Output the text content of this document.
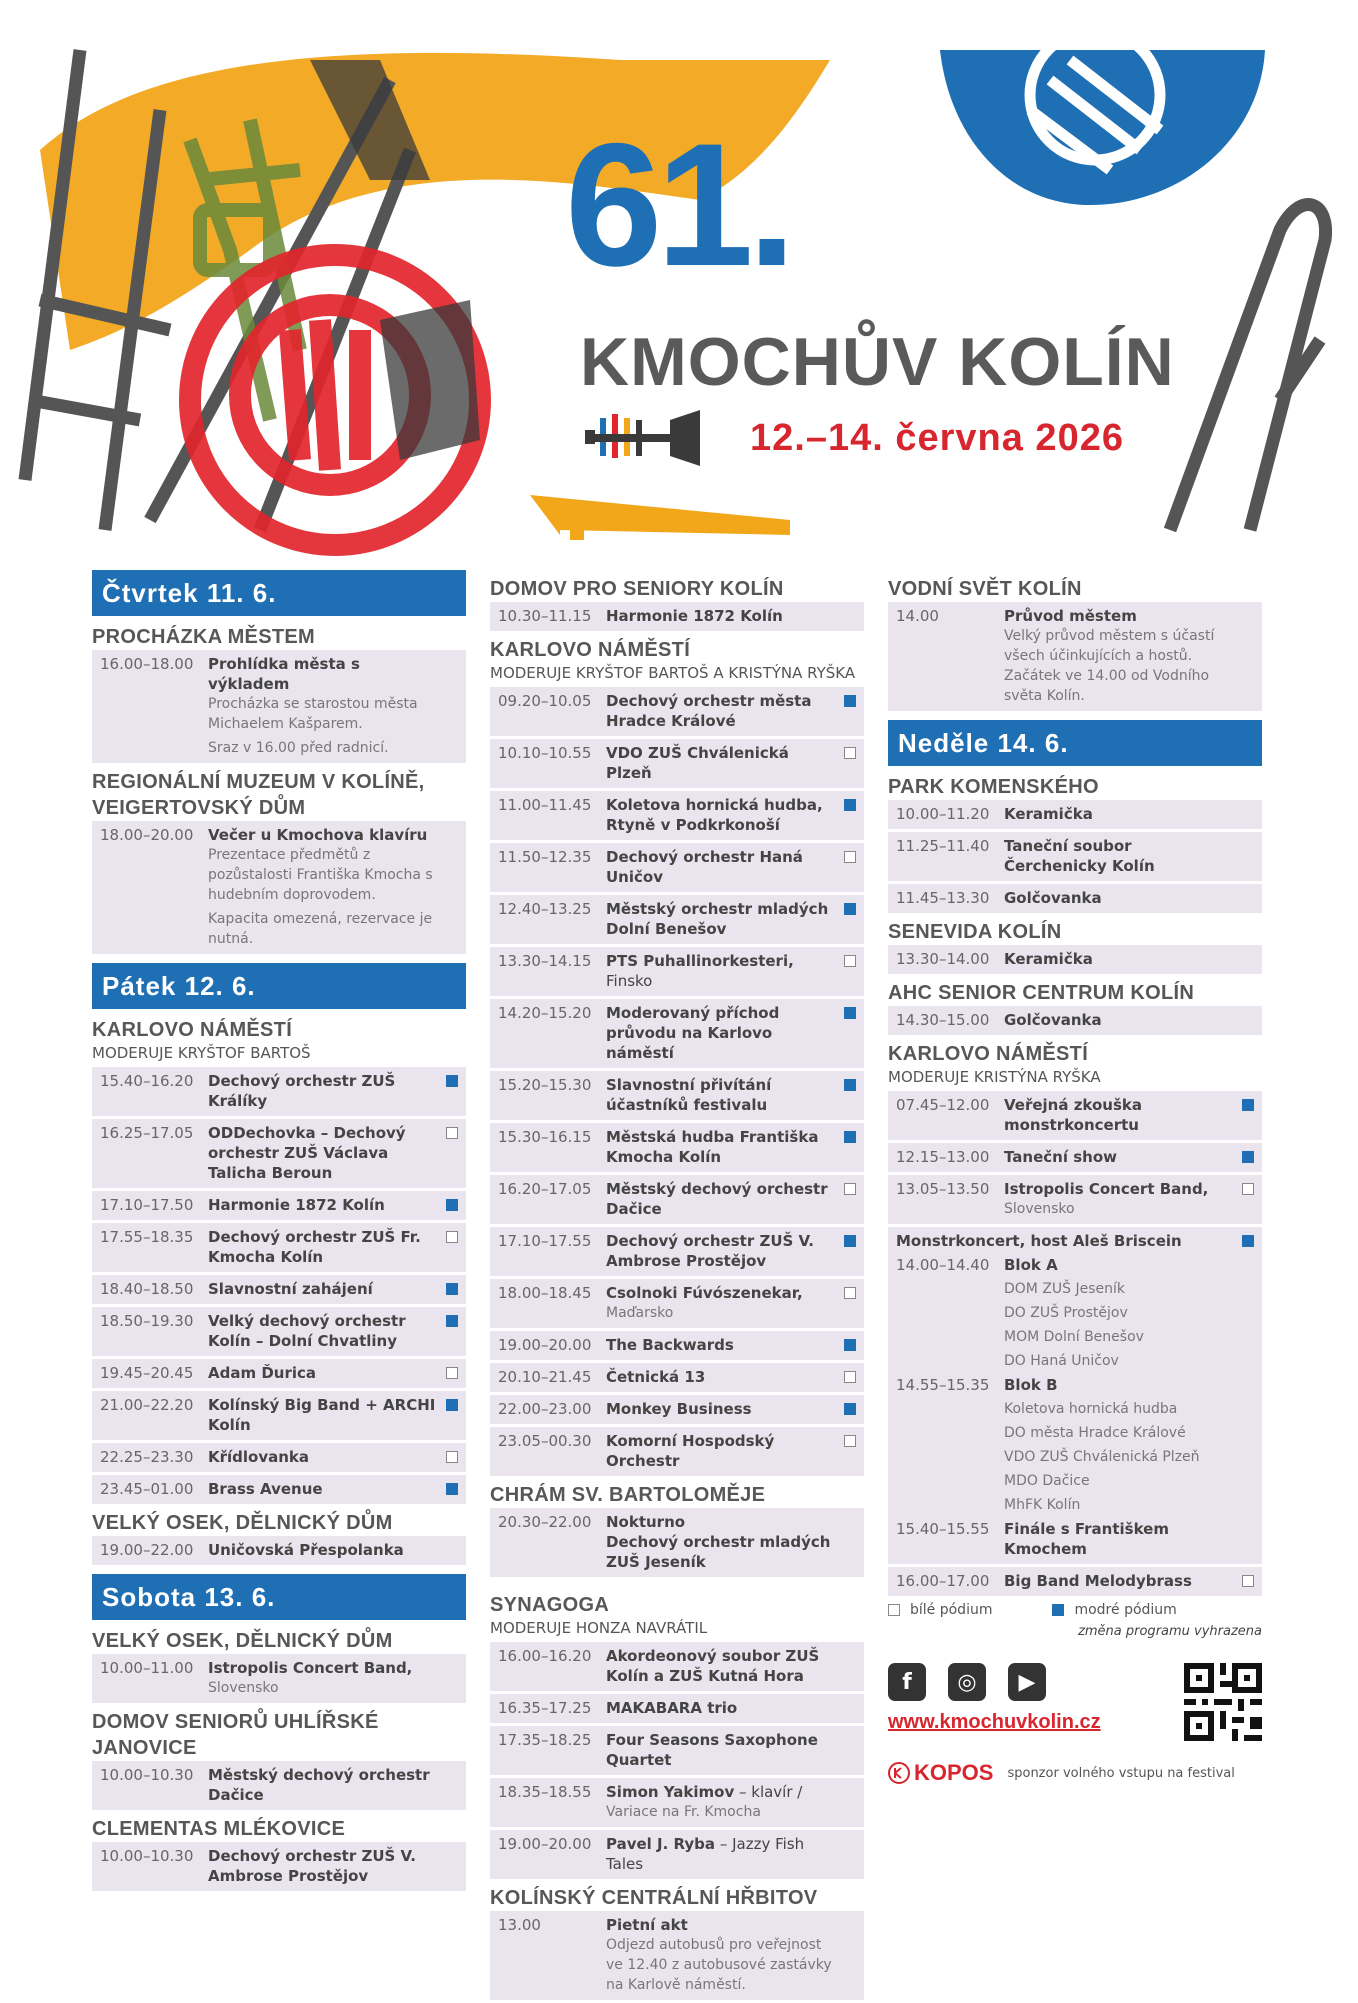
61.
KMOCHŮV KOLÍN
12.–14. června 2026
Čtvrtek 11. 6.
PROCHÁZKA MĚSTEM
16.00–18.00 Prohlídka města s výkladem
Procházka se starostou města Michaelem Kašparem.
Sraz v 16.00 před radnicí.
REGIONÁLNÍ MUZEUM V KOLÍNĚ, VEIGERTOVSKÝ DŮM
18.00–20.00 Večer u Kmochova klavíru
Prezentace předmětů z pozůstalosti Františka Kmocha s hudebním doprovodem.
Kapacita omezená, rezervace je nutná.
Pátek 12. 6.
KARLOVO NÁMĚSTÍ
MODERUJE KRYŠTOF BARTOŠ
15.40–16.20 Dechový orchestr ZUŠ Králíky
16.25–17.05 ODDechovka – Dechový orchestr ZUŠ Václava Talicha Beroun
17.10–17.50 Harmonie 1872 Kolín
17.55–18.35 Dechový orchestr ZUŠ Fr. Kmocha Kolín
18.40–18.50 Slavnostní zahájení
18.50–19.30 Velký dechový orchestr Kolín – Dolní Chvatliny
19.45–20.45 Adam Ďurica
21.00–22.20 Kolínský Big Band + ARCHI Kolín
22.25–23.30 Křídlovanka
23.45–01.00 Brass Avenue
VELKÝ OSEK, DĚLNICKÝ DŮM
19.00–22.00 Uničovská Přespolanka
Sobota 13. 6.
VELKÝ OSEK, DĚLNICKÝ DŮM
10.00–11.00 Istropolis Concert Band,
Slovensko
DOMOV SENIORŮ UHLÍŘSKÉ JANOVICE
10.00–10.30 Městský dechový orchestr Dačice
CLEMENTAS MLÉKOVICE
10.00–10.30 Dechový orchestr ZUŠ V. Ambrose Prostějov
DOMOV PRO SENIORY KOLÍN
10.30–11.15 Harmonie 1872 Kolín
KARLOVO NÁMĚSTÍ
MODERUJE KRYŠTOF BARTOŠ A KRISTÝNA RYŠKA
09.20–10.05 Dechový orchestr města Hradce Králové
10.10–10.55 VDO ZUŠ Chválenická Plzeň
11.00–11.45 Koletova hornická hudba, Rtyně v Podkrkonoší
11.50–12.35 Dechový orchestr Haná Uničov
12.40–13.25 Městský orchestr mladých Dolní Benešov
13.30–14.15 PTS Puhallinorkesteri, Finsko
14.20–15.20 Moderovaný příchod průvodu na Karlovo náměstí
15.20–15.30 Slavnostní přivítání účastníků festivalu
15.30–16.15 Městská hudba Františka Kmocha Kolín
16.20–17.05 Městský dechový orchestr Dačice
17.10–17.55 Dechový orchestr ZUŠ V. Ambrose Prostějov
18.00–18.45 Csolnoki Fúvószenekar,
Maďarsko
19.00–20.00 The Backwards
20.10–21.45 Četnická 13
22.00–23.00 Monkey Business
23.05–00.30 Komorní Hospodský Orchestr
CHRÁM SV. BARTOLOMĚJE
20.30–22.00 Nokturno
Dechový orchestr mladých ZUŠ Jeseník
SYNAGOGA
MODERUJE HONZA NAVRÁTIL
16.00–16.20 Akordeonový soubor ZUŠ Kolín a ZUŠ Kutná Hora
16.35–17.25 MAKABARA trio
17.35–18.25 Four Seasons Saxophone Quartet
18.35–18.55 Simon Yakimov – klavír /
Variace na Fr. Kmocha
19.00–20.00 Pavel J. Ryba – Jazzy Fish Tales
KOLÍNSKÝ CENTRÁLNÍ HŘBITOV
13.00	Pietní akt
Odjezd autobusů pro veřejnost ve 12.40 z autobusové zastávky na Karlově náměstí.
VODNÍ SVĚT KOLÍN
14.00	Průvod městem
Velký průvod městem s účastí všech účinkujících a hostů. Začátek ve 14.00 od Vodního světa Kolín.
Neděle 14. 6.
PARK KOMENSKÉHO
10.00–11.20 Keramička
11.25–11.40 Taneční soubor Čerchenicky Kolín
11.45–13.30 Golčovanka
SENEVIDA KOLÍN
13.30–14.00 Keramička
AHC SENIOR CENTRUM KOLÍN
14.30–15.00 Golčovanka
KARLOVO NÁMĚSTÍ
MODERUJE KRISTÝNA RYŠKA
07.45–12.00 Veřejná zkouška monstrkoncertu
12.15–13.00 Taneční show
13.05–13.50 Istropolis Concert Band,
Slovensko
Monstrkoncert, host Aleš Briscein
14.00–14.40 Blok A
DOM ZUŠ Jeseník
DO ZUŠ Prostějov
MOM Dolní Benešov
DO Haná Uničov
14.55–15.35 Blok B
Koletova hornická hudba
DO města Hradce Králové
VDO ZUŠ Chválenická Plzeň
MDO Dačice
MhFK Kolín
15.40–15.55 Finále s Františkem Kmochem
16.00–17.00 Big Band Melodybrass
bílé pódium	modré pódium
změna programu vyhrazena
f	◎	▶
www.kmochuvkolin.cz
KOPOS sponzor volného vstupu na festival
